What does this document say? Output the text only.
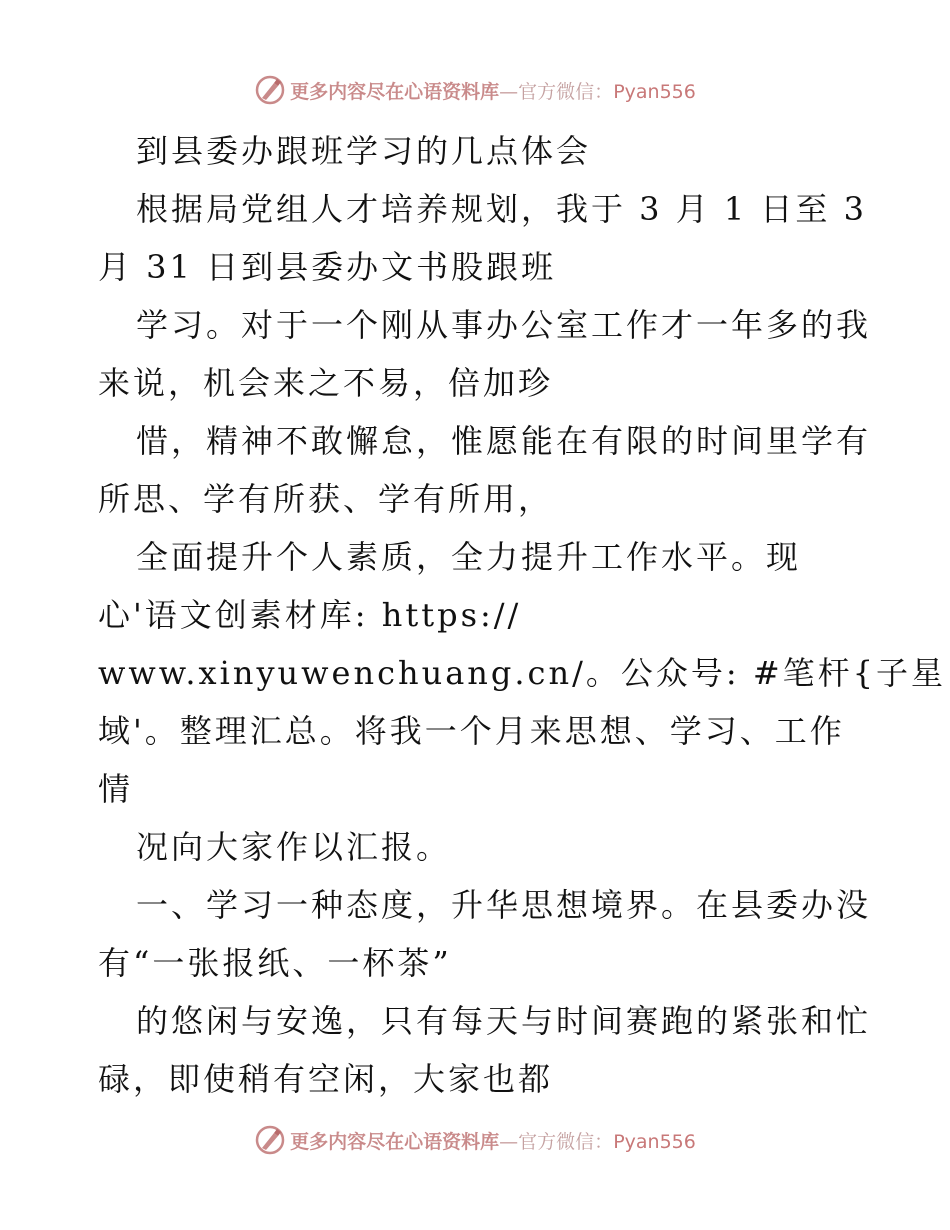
更多内容尽在心语资料库—官方微信：Pyan556
到县委办跟班学习的几点体会
根据局党组人才培养规划，我于 3 月 1 日至 3
月 31 日到县委办文书股跟班
学习。对于一个刚从事办公室工作才一年多的我
来说，机会来之不易，倍加珍
惜，精神不敢懈怠，惟愿能在有限的时间里学有
所思、学有所获、学有所用，
全面提升个人素质，全力提升工作水平。现
心'语文创素材库: https://
www.xinyuwenchuang.cn/。公众号: #笔杆{子星
域'。整理汇总。将我一个月来思想、学习、工作
情
况向大家作以汇报。
一、学习一种态度，升华思想境界。在县委办没
有“一张报纸、一杯茶”
的悠闲与安逸，只有每天与时间赛跑的紧张和忙
碌，即使稍有空闲，大家也都
更多内容尽在心语资料库—官方微信：Pyan556
